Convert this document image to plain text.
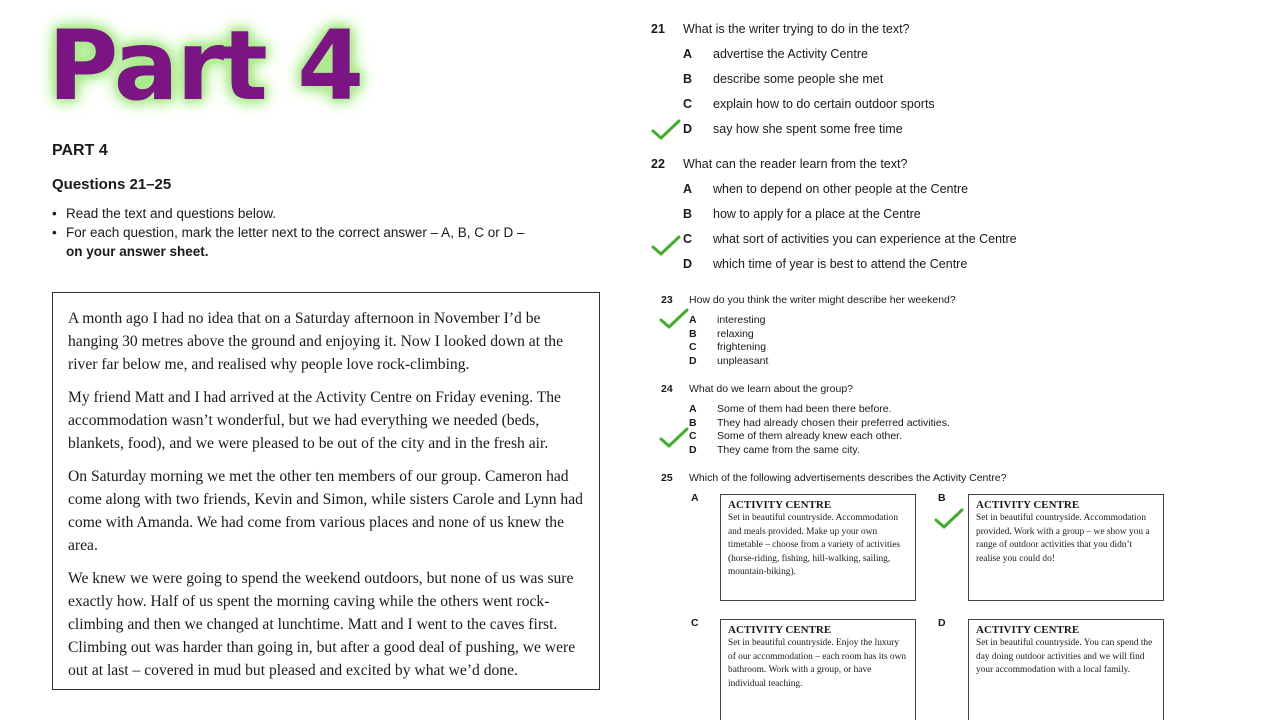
Part 4
PART 4
Questions 21–25
• Read the text and questions below.
• For each question, mark the letter next to the correct answer – A, B, C or D –
on your answer sheet.

A month ago I had no idea that on a Saturday afternoon in November I’d be hanging 30 metres above the ground and enjoying it. Now I looked down at the river far below me, and realised why people love rock-climbing.

My friend Matt and I had arrived at the Activity Centre on Friday evening. The accommodation wasn’t wonderful, but we had everything we needed (beds, blankets, food), and we were pleased to be out of the city and in the fresh air.

On Saturday morning we met the other ten members of our group. Cameron had come along with two friends, Kevin and Simon, while sisters Carole and Lynn had come with Amanda. We had come from various places and none of us knew the area.

We knew we were going to spend the weekend outdoors, but none of us was sure exactly how. Half of us spent the morning caving while the others went rock-climbing and then we changed at lunchtime. Matt and I went to the caves first. Climbing out was harder than going in, but after a good deal of pushing, we were out at last – covered in mud but pleased and excited by what we’d done.

21	What is the writer trying to do in the text?
A	advertise the Activity Centre
B	describe some people she met
C	explain how to do certain outdoor sports
D	say how she spent some free time
22	What can the reader learn from the text?
A	when to depend on other people at the Centre
B	how to apply for a place at the Centre
C	what sort of activities you can experience at the Centre
D	which time of year is best to attend the Centre
23	How do you think the writer might describe her weekend?
A	interesting
B	relaxing
C	frightening
D	unpleasant
24	What do we learn about the group?
A	Some of them had been there before.
B	They had already chosen their preferred activities.
C	Some of them already knew each other.
D	They came from the same city.
25	Which of the following advertisements describes the Activity Centre?
A
ACTIVITY CENTRE
Set in beautiful countryside. Accommodation and meals provided. Make up your own timetable – choose from a variety of activities (horse-riding, fishing, hill-walking, sailing, mountain-biking).
B
ACTIVITY CENTRE
Set in beautiful countryside. Accommodation provided. Work with a group – we show you a range of outdoor activities that you didn’t realise you could do!
C
ACTIVITY CENTRE
Set in beautiful countryside. Enjoy the luxury of our accommodation – each room has its own bathroom. Work with a group, or have individual teaching.
D
ACTIVITY CENTRE
Set in beautiful countryside. You can spend the day doing outdoor activities and we will find your accommodation with a local family.
